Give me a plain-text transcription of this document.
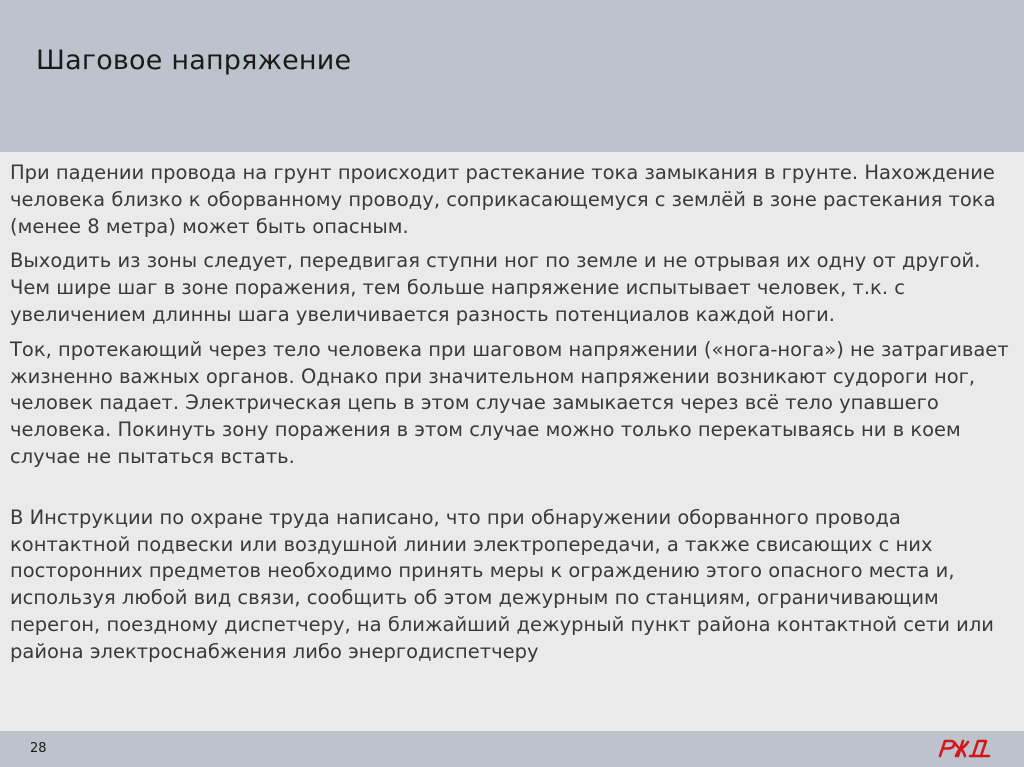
Шаговое напряжение

При падении провода на грунт происходит растекание тока замыкания в грунте. Нахождение человека близко к оборванному проводу, соприкасающемуся с землёй в зоне растекания тока (менее 8 метра) может быть опасным.

Выходить из зоны следует, передвигая ступни ног по земле и не отрывая их одну от другой. Чем шире шаг в зоне поражения, тем больше напряжение испытывает человек, т.к. с увеличением длинны шага увеличивается разность потенциалов каждой ноги.

Ток, протекающий через тело человека при шаговом напряжении («нога-нога») не затрагивает жизненно важных органов. Однако при значительном напряжении возникают судороги ног, человек падает. Электрическая цепь в этом случае замыкается через всё тело упавшего человека. Покинуть зону поражения в этом случае можно только перекатываясь ни в коем случае не пытаться встать.

В Инструкции по охране труда написано, что при обнаружении оборванного провода контактной подвески или воздушной линии электропередачи, а также свисающих с них посторонних предметов необходимо принять меры к ограждению этого опасного места и, используя любой вид связи, сообщить об этом дежурным по станциям, ограничивающим перегон, поездному диспетчеру, на ближайший дежурный пункт района контактной сети или района электроснабжения либо энергодиспетчеру

28
